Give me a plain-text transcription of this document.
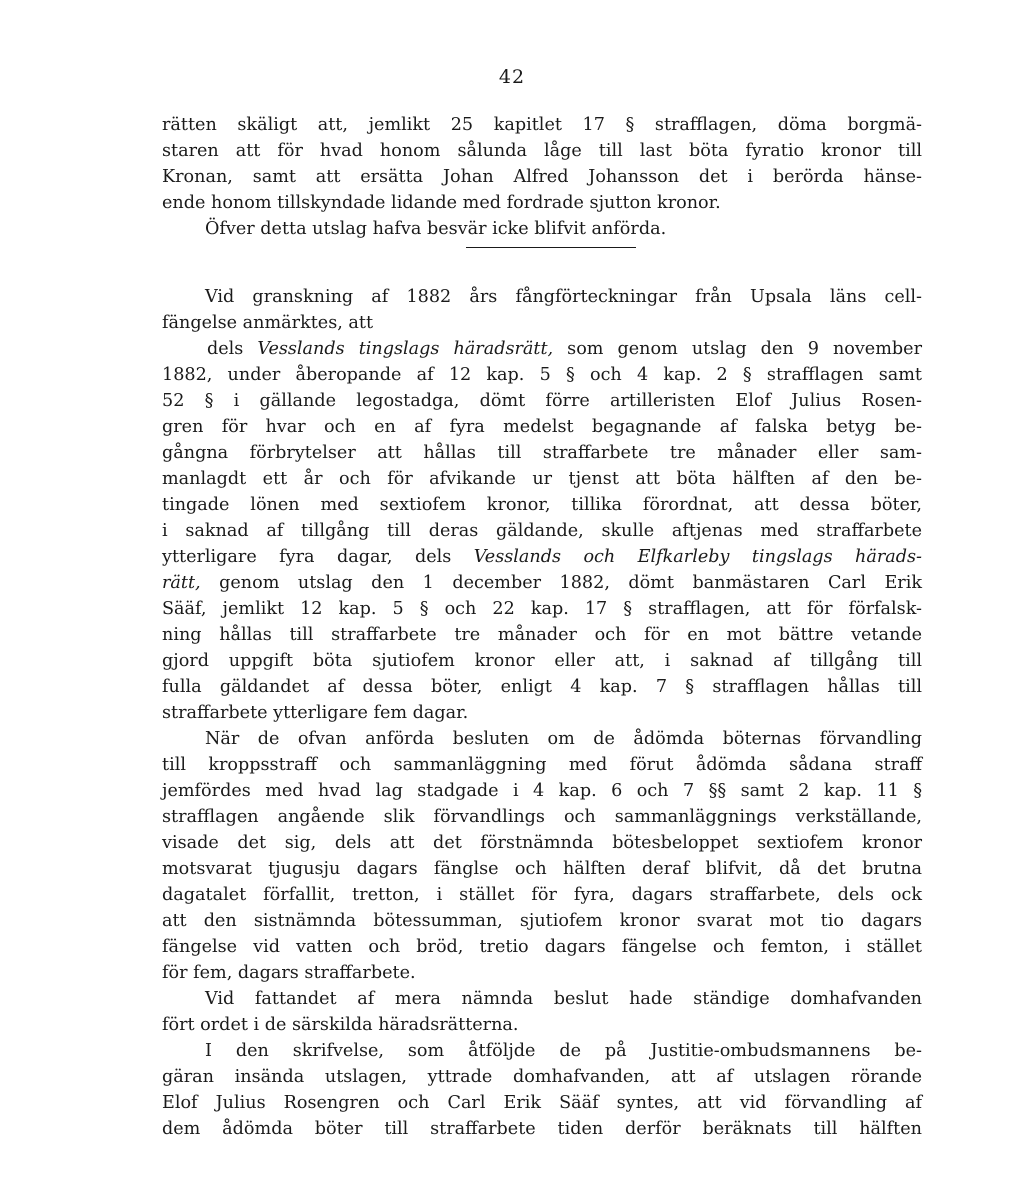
42
rätten skäligt att, jemlikt 25 kapitlet 17 § strafflagen, döma borgmä-
staren att för hvad honom sålunda låge till last böta fyratio kronor till
Kronan, samt att ersätta Johan Alfred Johansson det i berörda hänse-
ende honom tillskyndade lidande med fordrade sjutton kronor.
Öfver detta utslag hafva besvär icke blifvit anförda.
Vid granskning af 1882 års fångförteckningar från Upsala läns cell-
fängelse anmärktes, att
dels Vesslands tingslags häradsrätt, som genom utslag den 9 november
1882, under åberopande af 12 kap. 5 § och 4 kap. 2 § strafflagen samt
52 § i gällande legostadga, dömt förre artilleristen Elof Julius Rosen-
gren för hvar och en af fyra medelst begagnande af falska betyg be-
gångna förbrytelser att hållas till straffarbete tre månader eller sam-
manlagdt ett år och för afvikande ur tjenst att böta hälften af den be-
tingade lönen med sextiofem kronor, tillika förordnat, att dessa böter,
i saknad af tillgång till deras gäldande, skulle aftjenas med straffarbete
ytterligare fyra dagar, dels Vesslands och Elfkarleby tingslags härads-
rätt, genom utslag den 1 december 1882, dömt banmästaren Carl Erik
Sääf, jemlikt 12 kap. 5 § och 22 kap. 17 § strafflagen, att för förfalsk-
ning hållas till straffarbete tre månader och för en mot bättre vetande
gjord uppgift böta sjutiofem kronor eller att, i saknad af tillgång till
fulla gäldandet af dessa böter, enligt 4 kap. 7 § strafflagen hållas till
straffarbete ytterligare fem dagar.
När de ofvan anförda besluten om de ådömda böternas förvandling
till kroppsstraff och sammanläggning med förut ådömda sådana straff
jemfördes med hvad lag stadgade i 4 kap. 6 och 7 §§ samt 2 kap. 11 §
strafflagen angående slik förvandlings och sammanläggnings verkställande,
visade det sig, dels att det förstnämnda bötesbeloppet sextiofem kronor
motsvarat tjugusju dagars fänglse och hälften deraf blifvit, då det brutna
dagatalet förfallit, tretton, i stället för fyra, dagars straffarbete, dels ock
att den sistnämnda bötessumman, sjutiofem kronor svarat mot tio dagars
fängelse vid vatten och bröd, tretio dagars fängelse och femton, i stället
för fem, dagars straffarbete.
Vid fattandet af mera nämnda beslut hade ständige domhafvanden
fört ordet i de särskilda häradsrätterna.
I den skrifvelse, som åtföljde de på Justitie-ombudsmannens be-
gäran insända utslagen, yttrade domhafvanden, att af utslagen rörande
Elof Julius Rosengren och Carl Erik Sääf syntes, att vid förvandling af
dem ådömda böter till straffarbete tiden derför beräknats till hälften
